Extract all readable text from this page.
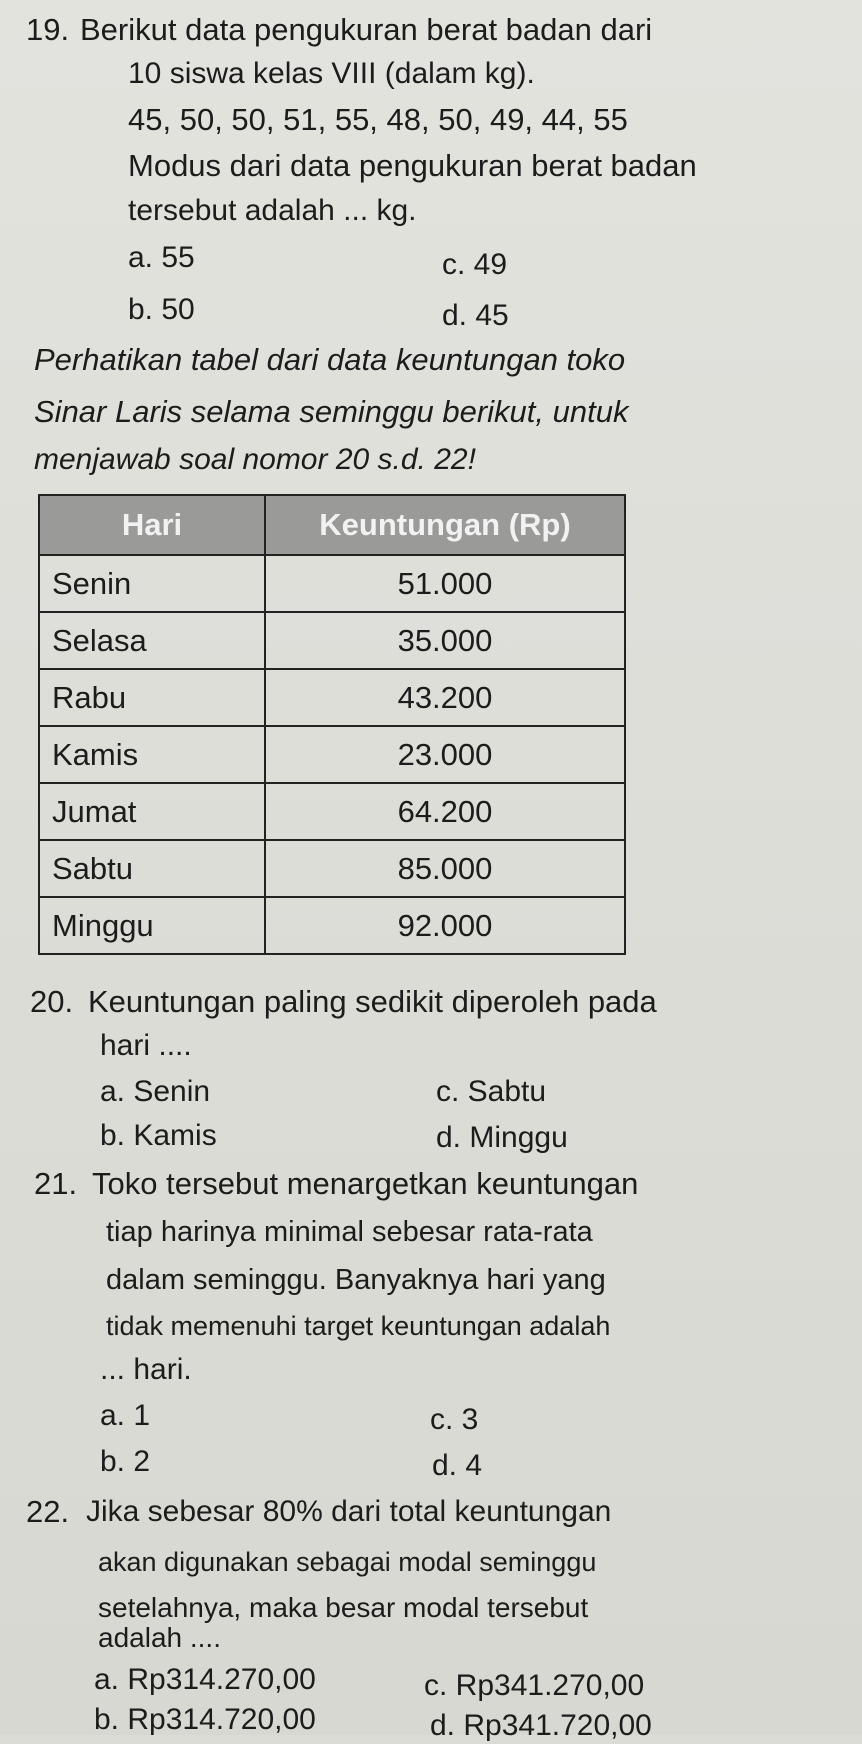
19. Berikut data pengukuran berat badan dari
10 siswa kelas VIII (dalam kg).
45, 50, 50, 51, 55, 48, 50, 49, 44, 55
Modus dari data pengukuran berat badan
tersebut adalah ... kg.
a. 55	c. 49
b. 50	d. 45
Perhatikan tabel dari data keuntungan toko
Sinar Laris selama seminggu berikut, untuk
menjawab soal nomor 20 s.d. 22!
Hari	Keuntungan (Rp)
Senin	51.000
Selasa	35.000
Rabu	43.200
Kamis	23.000
Jumat	64.200
Sabtu	85.000
Minggu	92.000
20. Keuntungan paling sedikit diperoleh pada
hari ....
a. Senin	c. Sabtu
b. Kamis	d. Minggu
21. Toko tersebut menargetkan keuntungan
tiap harinya minimal sebesar rata-rata
dalam seminggu. Banyaknya hari yang
tidak memenuhi target keuntungan adalah
... hari.
a. 1	c. 3
b. 2	d. 4
22. Jika sebesar 80% dari total keuntungan
akan digunakan sebagai modal seminggu
setelahnya, maka besar modal tersebut
adalah ....
a. Rp314.270,00	c. Rp341.270,00
b. Rp314.720,00	d. Rp341.720,00
